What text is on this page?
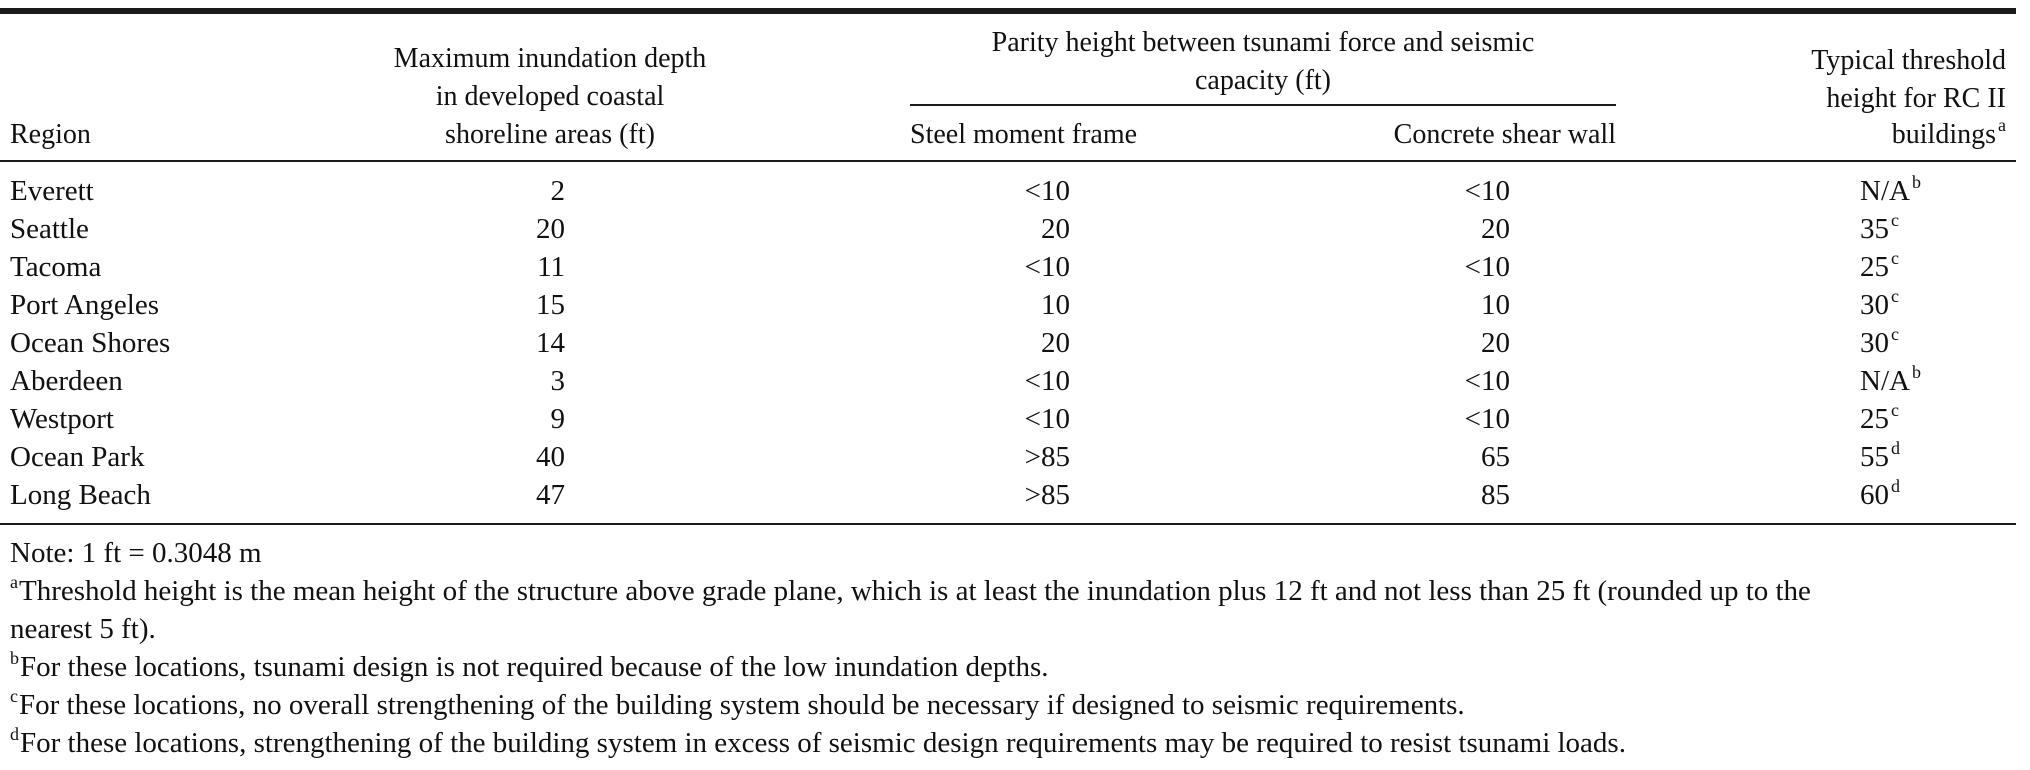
Region
Maximum inundation depth
in developed coastal
shoreline areas (ft)
Parity height between tsunami force and seismic
capacity (ft)
Steel moment frame	Concrete shear wall
Typical threshold
height for RC II
buildings $^a$
Everett	2	<10	<10	N/A $^b$
Seattle	20	20	20	35 $^c$
Tacoma	11	<10	<10	25 $^c$
Port Angeles	15	10	10	30 $^c$
Ocean Shores	14	20	20	30 $^c$
Aberdeen	3	<10	<10	N/A $^b$
Westport	9	<10	<10	25 $^c$
Ocean Park	40	>85	65	55 $^d$
Long Beach	47	>85	85	60 $^d$
Note: 1 ft = 0.3048 m
$^a$Threshold height is the mean height of the structure above grade plane, which is at least the inundation plus 12 ft and not less than 25 ft (rounded up to the
nearest 5 ft).
$^b$For these locations, tsunami design is not required because of the low inundation depths.
$^c$For these locations, no overall strengthening of the building system should be necessary if designed to seismic requirements.
$^d$For these locations, strengthening of the building system in excess of seismic design requirements may be required to resist tsunami loads.
